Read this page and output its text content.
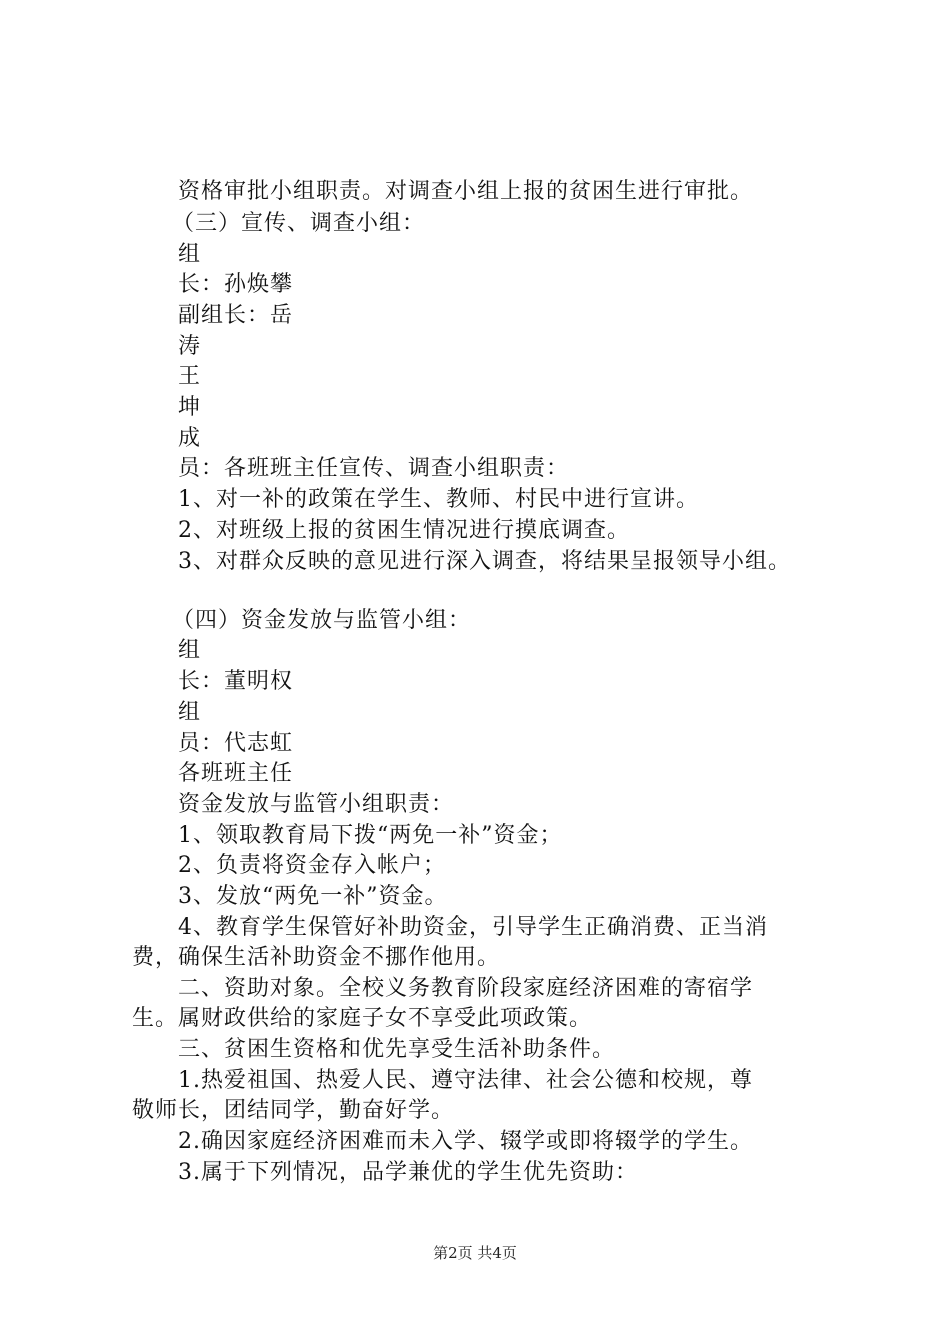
资格审批小组职责。对调查小组上报的贫困生进行审批。
（三）宣传、调查小组：
组
长：孙焕攀
副组长：岳
涛
王
坤
成
员：各班班主任宣传、调查小组职责：
1、对一补的政策在学生、教师、村民中进行宣讲。
2、对班级上报的贫困生情况进行摸底调查。
3、对群众反映的意见进行深入调查，将结果呈报领导小组。
（四）资金发放与监管小组：
组
长：董明权
组
员：代志虹
各班班主任
资金发放与监管小组职责：
1、领取教育局下拨“两免一补”资金；
2、负责将资金存入帐户；
3、发放“两免一补”资金。
4、教育学生保管好补助资金，引导学生正确消费、正当消
费，确保生活补助资金不挪作他用。
二、资助对象。全校义务教育阶段家庭经济困难的寄宿学
生。属财政供给的家庭子女不享受此项政策。
三、贫困生资格和优先享受生活补助条件。
1.热爱祖国、热爱人民、遵守法律、社会公德和校规，尊
敬师长，团结同学，勤奋好学。
2.确因家庭经济困难而未入学、辍学或即将辍学的学生。
3.属于下列情况，品学兼优的学生优先资助：
第2页 共4页
